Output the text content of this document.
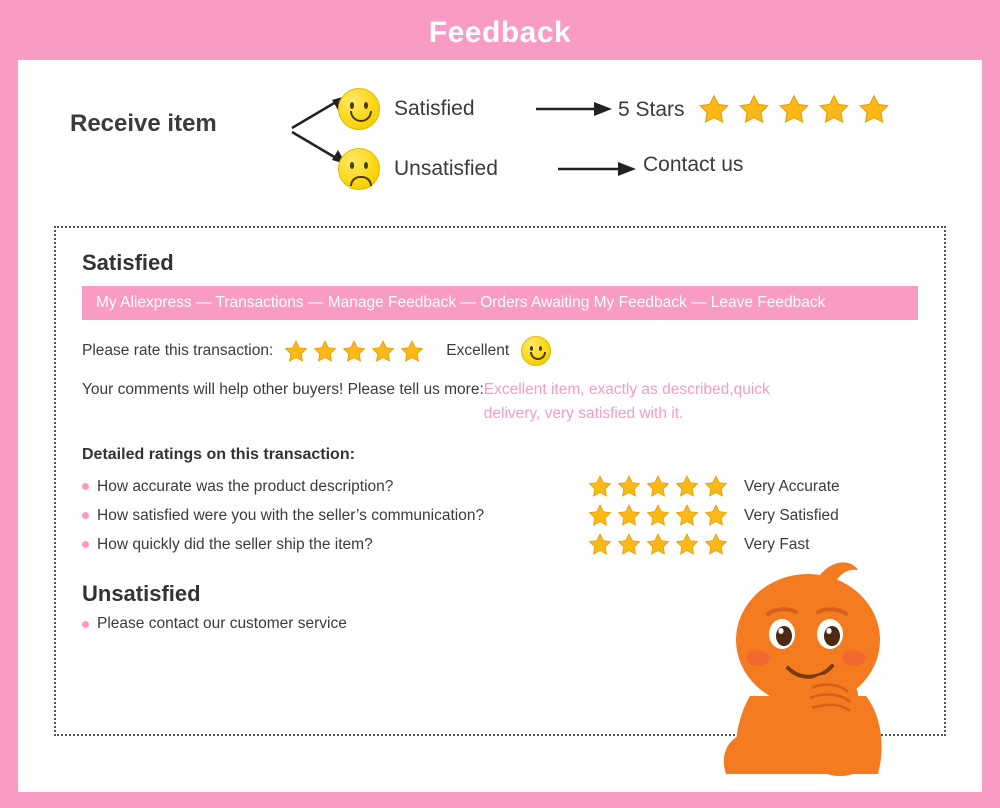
Feedback
Receive item
Satisfied	5 Stars
Unsatisfied	Contact us
Satisfied
My Aliexpress — Transactions — Manage Feedback — Orders Awaiting My Feedback — Leave Feedback
Please rate this transaction:	Excellent
Your comments will help other buyers! Please tell us more:Excellent item, exactly as described,quick delivery, very satisfied with it.
Detailed ratings on this transaction:
How accurate was the product description?	Very Accurate
How satisfied were you with the seller’s communication?	Very Satisfied
How quickly did the seller ship the item?	Very Fast
Unsatisfied
Please contact our customer service
